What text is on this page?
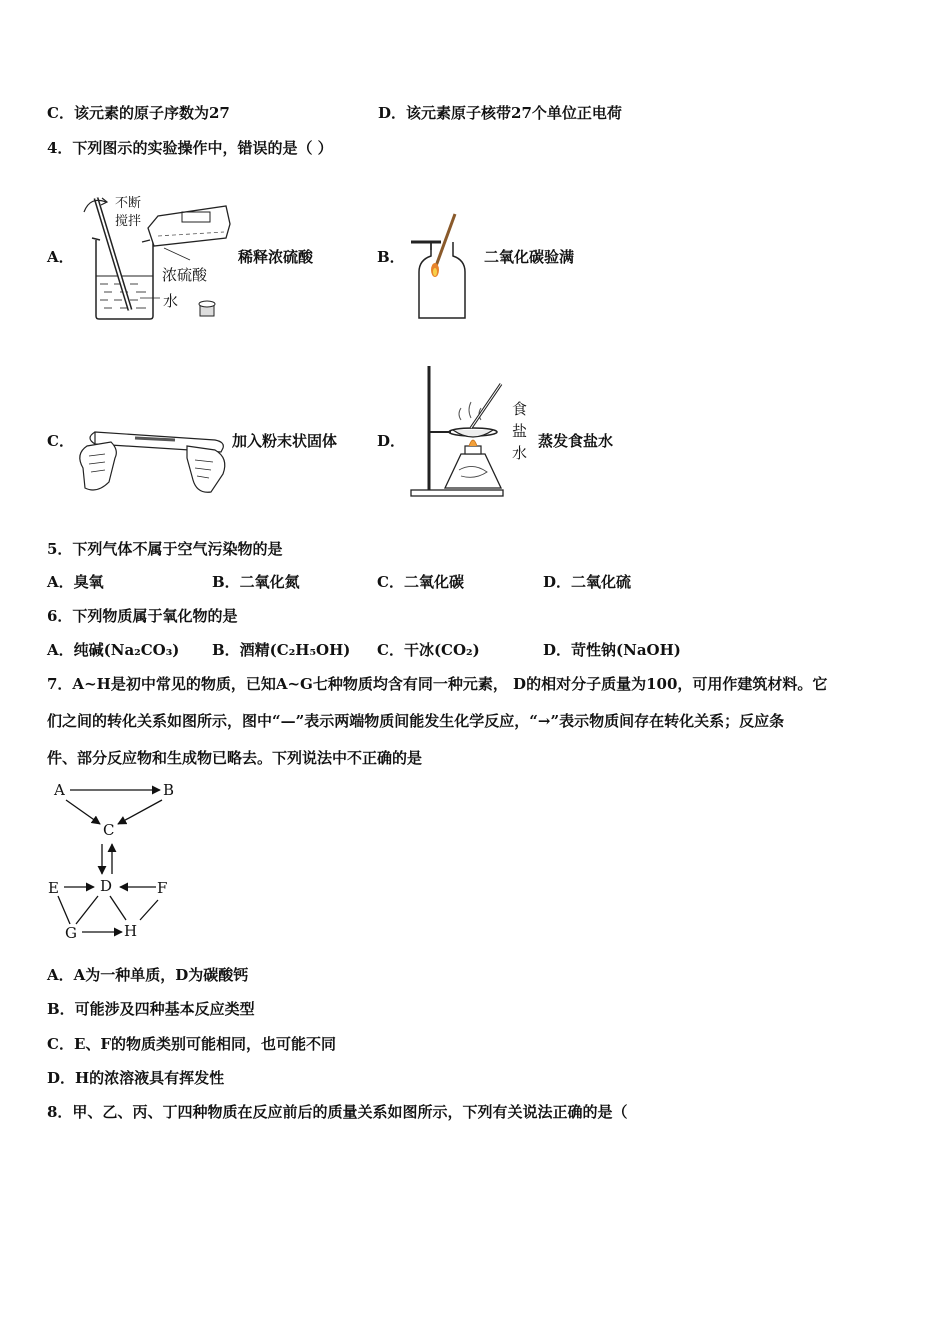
C．该元素的原子序数为27	D．该元素原子核带27个单位正电荷
4．下列图示的实验操作中，错误的是（ ）
A．
不断
搅拌
浓硫酸
水
稀释浓硫酸	B．	二氧化碳验满
C．	加入粉末状固体	D．
食
盐
水
蒸发食盐水
5．下列气体不属于空气污染物的是
A．臭氧	B．二氧化氮	C．二氧化碳	D．二氧化硫
6．下列物质属于氧化物的是
A．纯碱(Na₂CO₃) B．酒精(C₂H₅OH) C．干冰(CO₂)	D．苛性钠(NaOH)
7．A~H是初中常见的物质，已知A~G七种物质均含有同一种元素， D的相对分子质量为100，可用作建筑材料。它
们之间的转化关系如图所示，图中“—”表示两端物质间能发生化学反应，“→”表示物质间存在转化关系；反应条
件、部分反应物和生成物已略去。下列说法中不正确的是
A	B
C
D
E	F
G	H
A．A为一种单质，D为碳酸钙
B．可能涉及四种基本反应类型
C．E、F的物质类别可能相同，也可能不同
D．H的浓溶液具有挥发性
8．甲、乙、丙、丁四种物质在反应前后的质量关系如图所示，下列有关说法正确的是（
